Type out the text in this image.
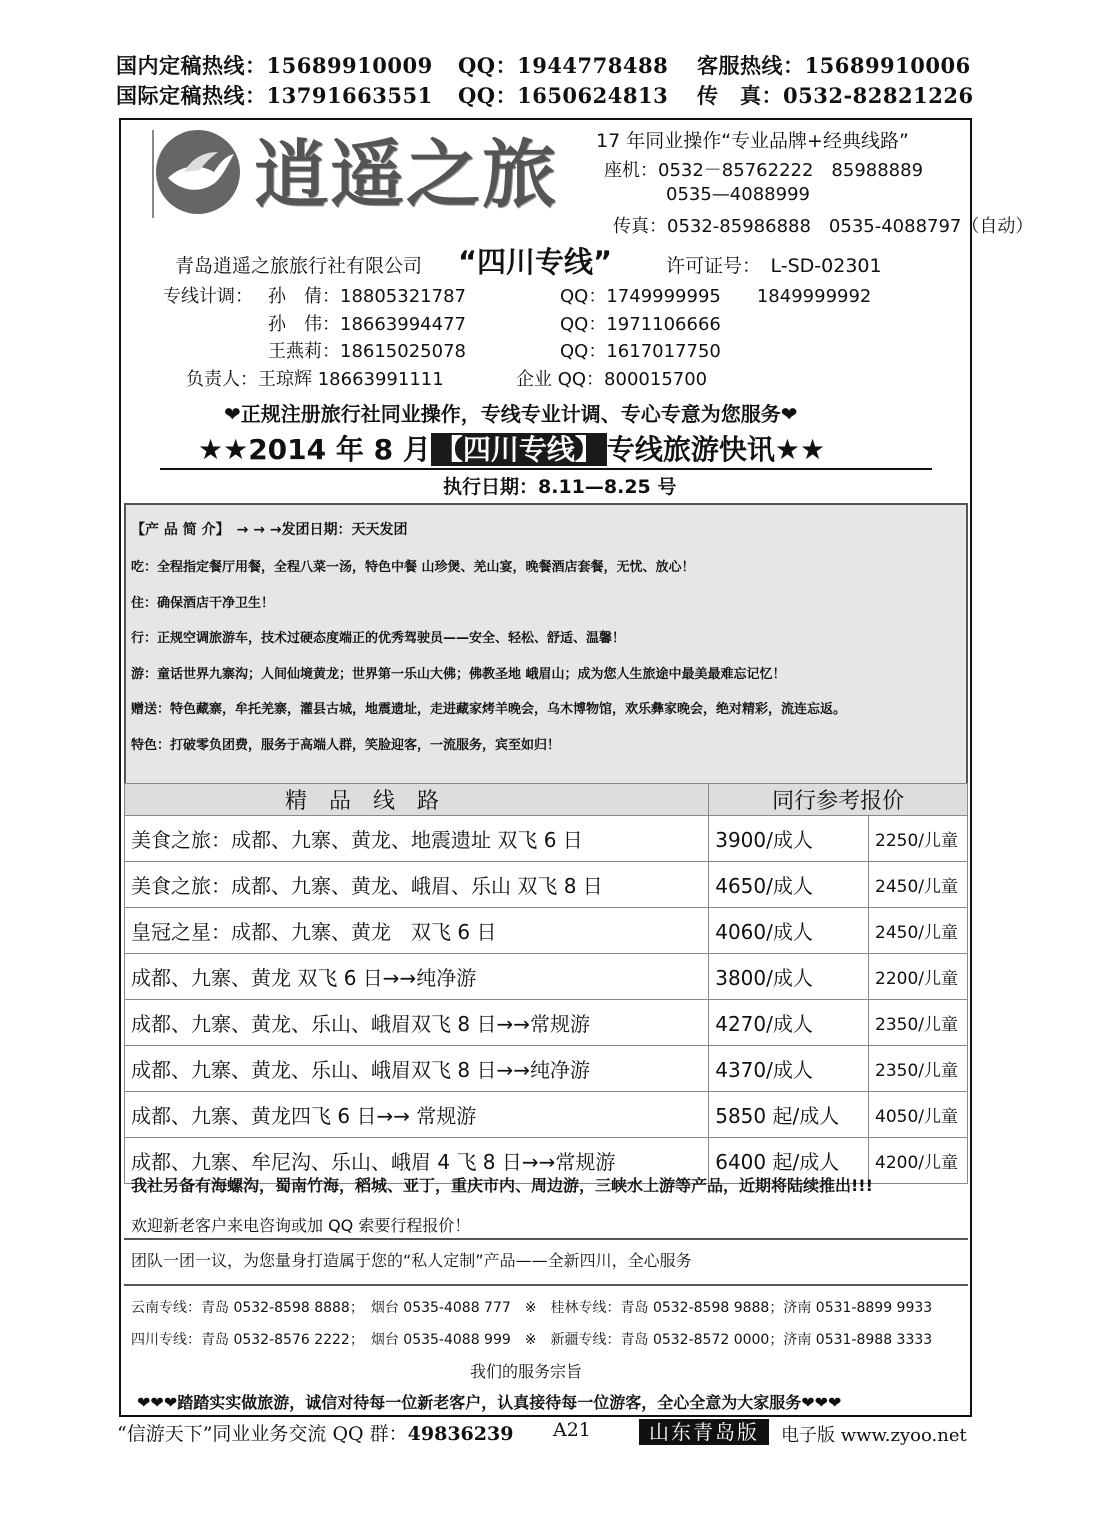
国内定稿热线：15689910009 QQ：1944778488 客服热线：15689910006
国际定稿热线：13791663551 QQ：1650624813 传　真：0532-82821226
逍遥之旅 17 年同业操作“专业品牌+经典线路”
座机：0532－85762222　85988889
0535—4088999
传真：0532-85986888　0535-4088797（自动）
青岛逍遥之旅旅行社有限公司 “四川专线”	许可证号：　L-SD-02301
专线计调： 孙　倩：18805321787	QQ：1749999995　　1849999992
孙　伟：18663994477	QQ：1971106666
王燕莉：18615025078	QQ：1617017750
负责人：王琼辉 18663991111	企业 QQ：800015700
❤正规注册旅行社同业操作，专线专业计调、专心专意为您服务❤
★★2014 年 8 月 【四川专线】 专线旅游快讯★★
执行日期：8.11—8.25 号
【产 品 简 介】　→ → →发团日期：天天发团
吃：全程指定餐厅用餐，全程八菜一汤，特色中餐 山珍煲、羌山宴，晚餐酒店套餐，无忧、放心！
住：确保酒店干净卫生！
行：正规空调旅游车，技术过硬态度端正的优秀驾驶员——安全、轻松、舒适、温馨！
游：童话世界九寨沟；人间仙境黄龙；世界第一乐山大佛；佛教圣地 峨眉山；成为您人生旅途中最美最难忘记忆！
赠送：特色藏寨，牟托羌寨，灌县古城，地震遗址，走进藏家烤羊晚会，乌木博物馆，欢乐彝家晚会，绝对精彩，流连忘返。
特色：打破零负团费，服务于高端人群，笑脸迎客，一流服务，宾至如归！
精　品　线　路	同行参考报价	
美食之旅：成都、九寨、黄龙、地震遗址 双飞 6 日	3900/成人	2250/儿童
美食之旅：成都、九寨、黄龙、峨眉、乐山 双飞 8 日	4650/成人	2450/儿童
皇冠之星：成都、九寨、黄龙　双飞 6 日	4060/成人	2450/儿童
成都、九寨、黄龙 双飞 6 日→→纯净游	3800/成人	2200/儿童
成都、九寨、黄龙、乐山、峨眉双飞 8 日→→常规游	4270/成人	2350/儿童
成都、九寨、黄龙、乐山、峨眉双飞 8 日→→纯净游	4370/成人	2350/儿童
成都、九寨、黄龙四飞 6 日→→ 常规游	5850 起/成人	4050/儿童
成都、九寨、牟尼沟、乐山、峨眉 4 飞 8 日→→常规游	6400 起/成人	4200/儿童
我社另备有海螺沟，蜀南竹海，稻城、亚丁，重庆市内、周边游，三峡水上游等产品，近期将陆续推出!!!
欢迎新老客户来电咨询或加 QQ 索要行程报价！
团队一团一议，为您量身打造属于您的“私人定制”产品——全新四川，全心服务
云南专线：青岛 0532-8598 8888；　烟台 0535-4088 777　※　桂林专线：青岛 0532-8598 9888；济南 0531-8899 9933
四川专线：青岛 0532-8576 2222；　烟台 0535-4088 999　※　新疆专线：青岛 0532-8572 0000；济南 0531-8988 3333
我们的服务宗旨
❤❤❤踏踏实实做旅游，诚信对待每一位新老客户，认真接待每一位游客，全心全意为大家服务❤❤❤
“信游天下”同业业务交流 QQ 群：49836239 A21	山东青岛版	电子版 www.zyoo.net
